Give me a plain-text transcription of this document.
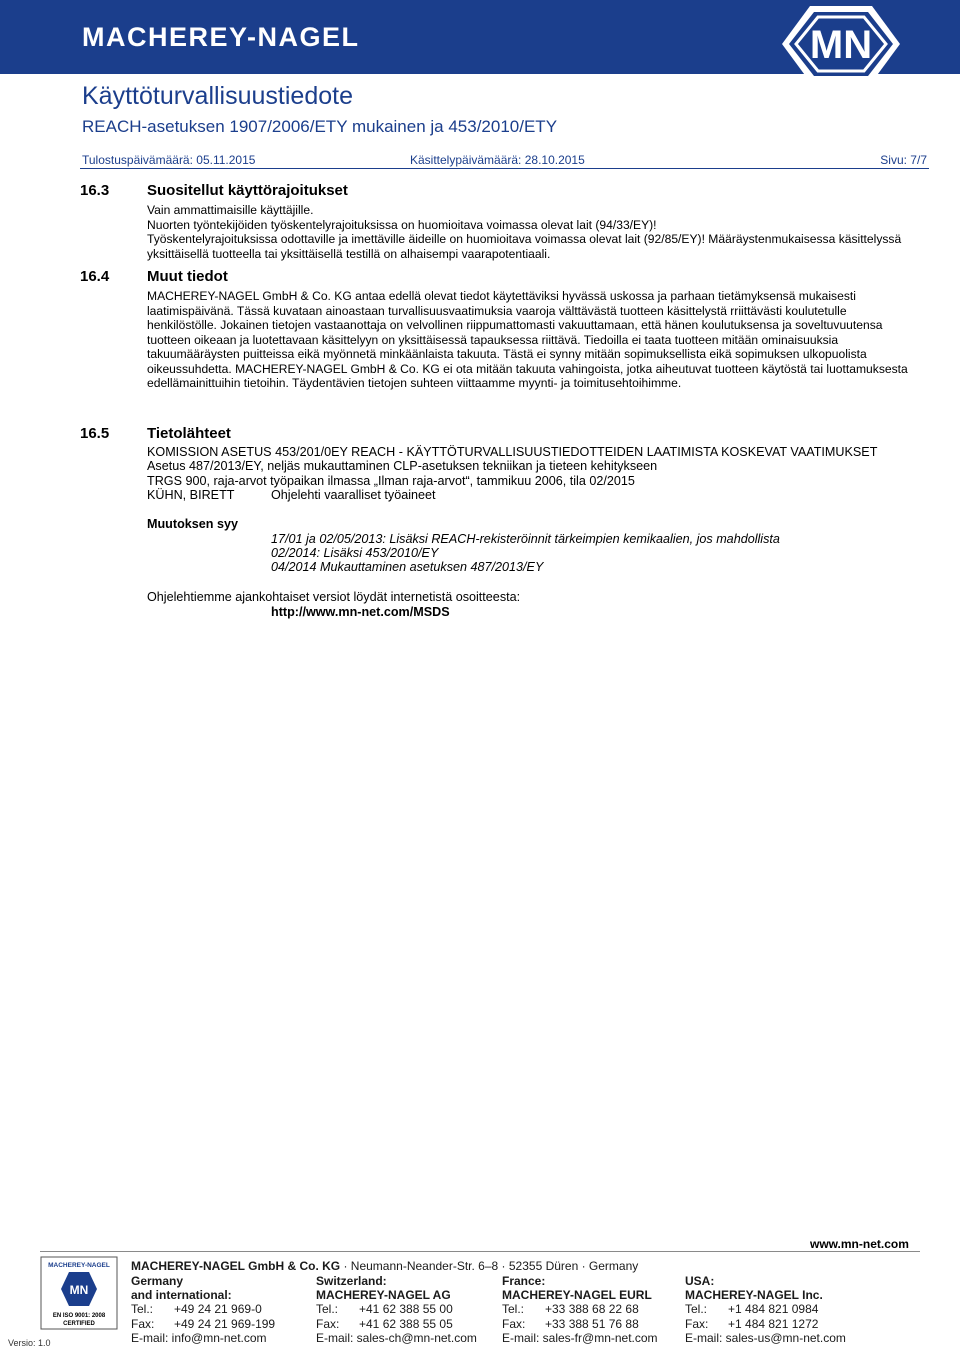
MACHEREY-NAGEL	MN
Käyttöturvallisuustiedote
REACH-asetuksen 1907/2006/ETY mukainen ja 453/2010/ETY
Tulostuspäivämäärä: 05.11.2015	Käsittelypäivämäärä: 28.10.2015	Sivu: 7/7
16.3	Suositellut käyttörajoitukset

Vain ammattimaisille käyttäjille.

Nuorten työntekijöiden työskentelyrajoituksissa on huomioitava voimassa olevat lait (94/33/EY)!

Työskentelyrajoituksissa odottaville ja imettäville äideille on huomioitava voimassa olevat lait (92/85/EY)! Määräystenmukaisessa käsittelyssä yksittäisellä tuotteella tai yksittäisellä testillä on alhaisempi vaarapotentiaali.

16.4	Muut tiedot

MACHEREY-NAGEL GmbH & Co. KG antaa edellä olevat tiedot käytettäviksi hyvässä uskossa ja parhaan tietämyksensä mukaisesti laatimispäivänä. Tässä kuvataan ainoastaan turvallisuusvaatimuksia vaaroja välttävästä tuotteen käsittelystä rriittävästi koulutetulle henkilöstölle. Jokainen tietojen vastaanottaja on velvollinen riippumattomasti vakuuttamaan, että hänen koulutuksensa ja soveltuvuutensa tuotteen oikeaan ja luotettavaan käsittelyyn on yksittäisessä tapauksessa riittävä. Tiedoilla ei taata tuotteen mitään ominaisuuksia takuumääräysten puitteissa eikä myönnetä minkäänlaista takuuta. Tästä ei synny mitään sopimuksellista eikä sopimuksen ulkopuolista oikeussuhdetta. MACHEREY-NAGEL GmbH & Co. KG ei ota mitään takuuta vahingoista, jotka aiheutuvat tuotteen käytöstä tai luottamuksesta edellämainittuihin tietoihin. Täydentävien tietojen suhteen viittaamme myynti- ja toimitusehtoihimme.

16.5	Tietolähteet
KOMISSION ASETUS 453/201/0EY REACH - KÄYTTÖTURVALLISUUSTIEDOTTEIDEN LAATIMISTA KOSKEVAT VAATIMUKSET
Asetus 487/2013/EY, neljäs mukauttaminen CLP-asetuksen tekniikan ja tieteen kehitykseen
TRGS 900, raja-arvot työpaikan ilmassa „Ilman raja-arvot“, tammikuu 2006, tila 02/2015
KÜHN, BIRETT	Ohjelehti vaaralliset työaineet
Muutoksen syy
17/01 ja 02/05/2013: Lisäksi REACH-rekisteröinnit tärkeimpien kemikaalien, jos mahdollista
02/2014: Lisäksi 453/2010/EY
04/2014 Mukauttaminen asetuksen 487/2013/EY
Ohjelehtiemme ajankohtaiset versiot löydät internetistä osoitteesta:
http://www.mn-net.com/MSDS
www.mn-net.com
MACHEREY-NAGEL
MN
EN ISO 9001: 2008
CERTIFIED
Versio: 1.0
MACHEREY-NAGEL GmbH & Co. KG · Neumann-Neander-Str. 6–8 · 52355 Düren · Germany
Germany
and international:
Tel.: +49 24 21 969-0
Fax: +49 24 21 969-199
E-mail: info@mn-net.com
Switzerland:
MACHEREY-NAGEL AG
Tel.: +41 62 388 55 00
Fax: +41 62 388 55 05
E-mail: sales-ch@mn-net.com
France:
MACHEREY-NAGEL EURL
Tel.: +33 388 68 22 68
Fax: +33 388 51 76 88
E-mail: sales-fr@mn-net.com
USA:
MACHEREY-NAGEL Inc.
Tel.: +1 484 821 0984
Fax: +1 484 821 1272
E-mail: sales-us@mn-net.com
